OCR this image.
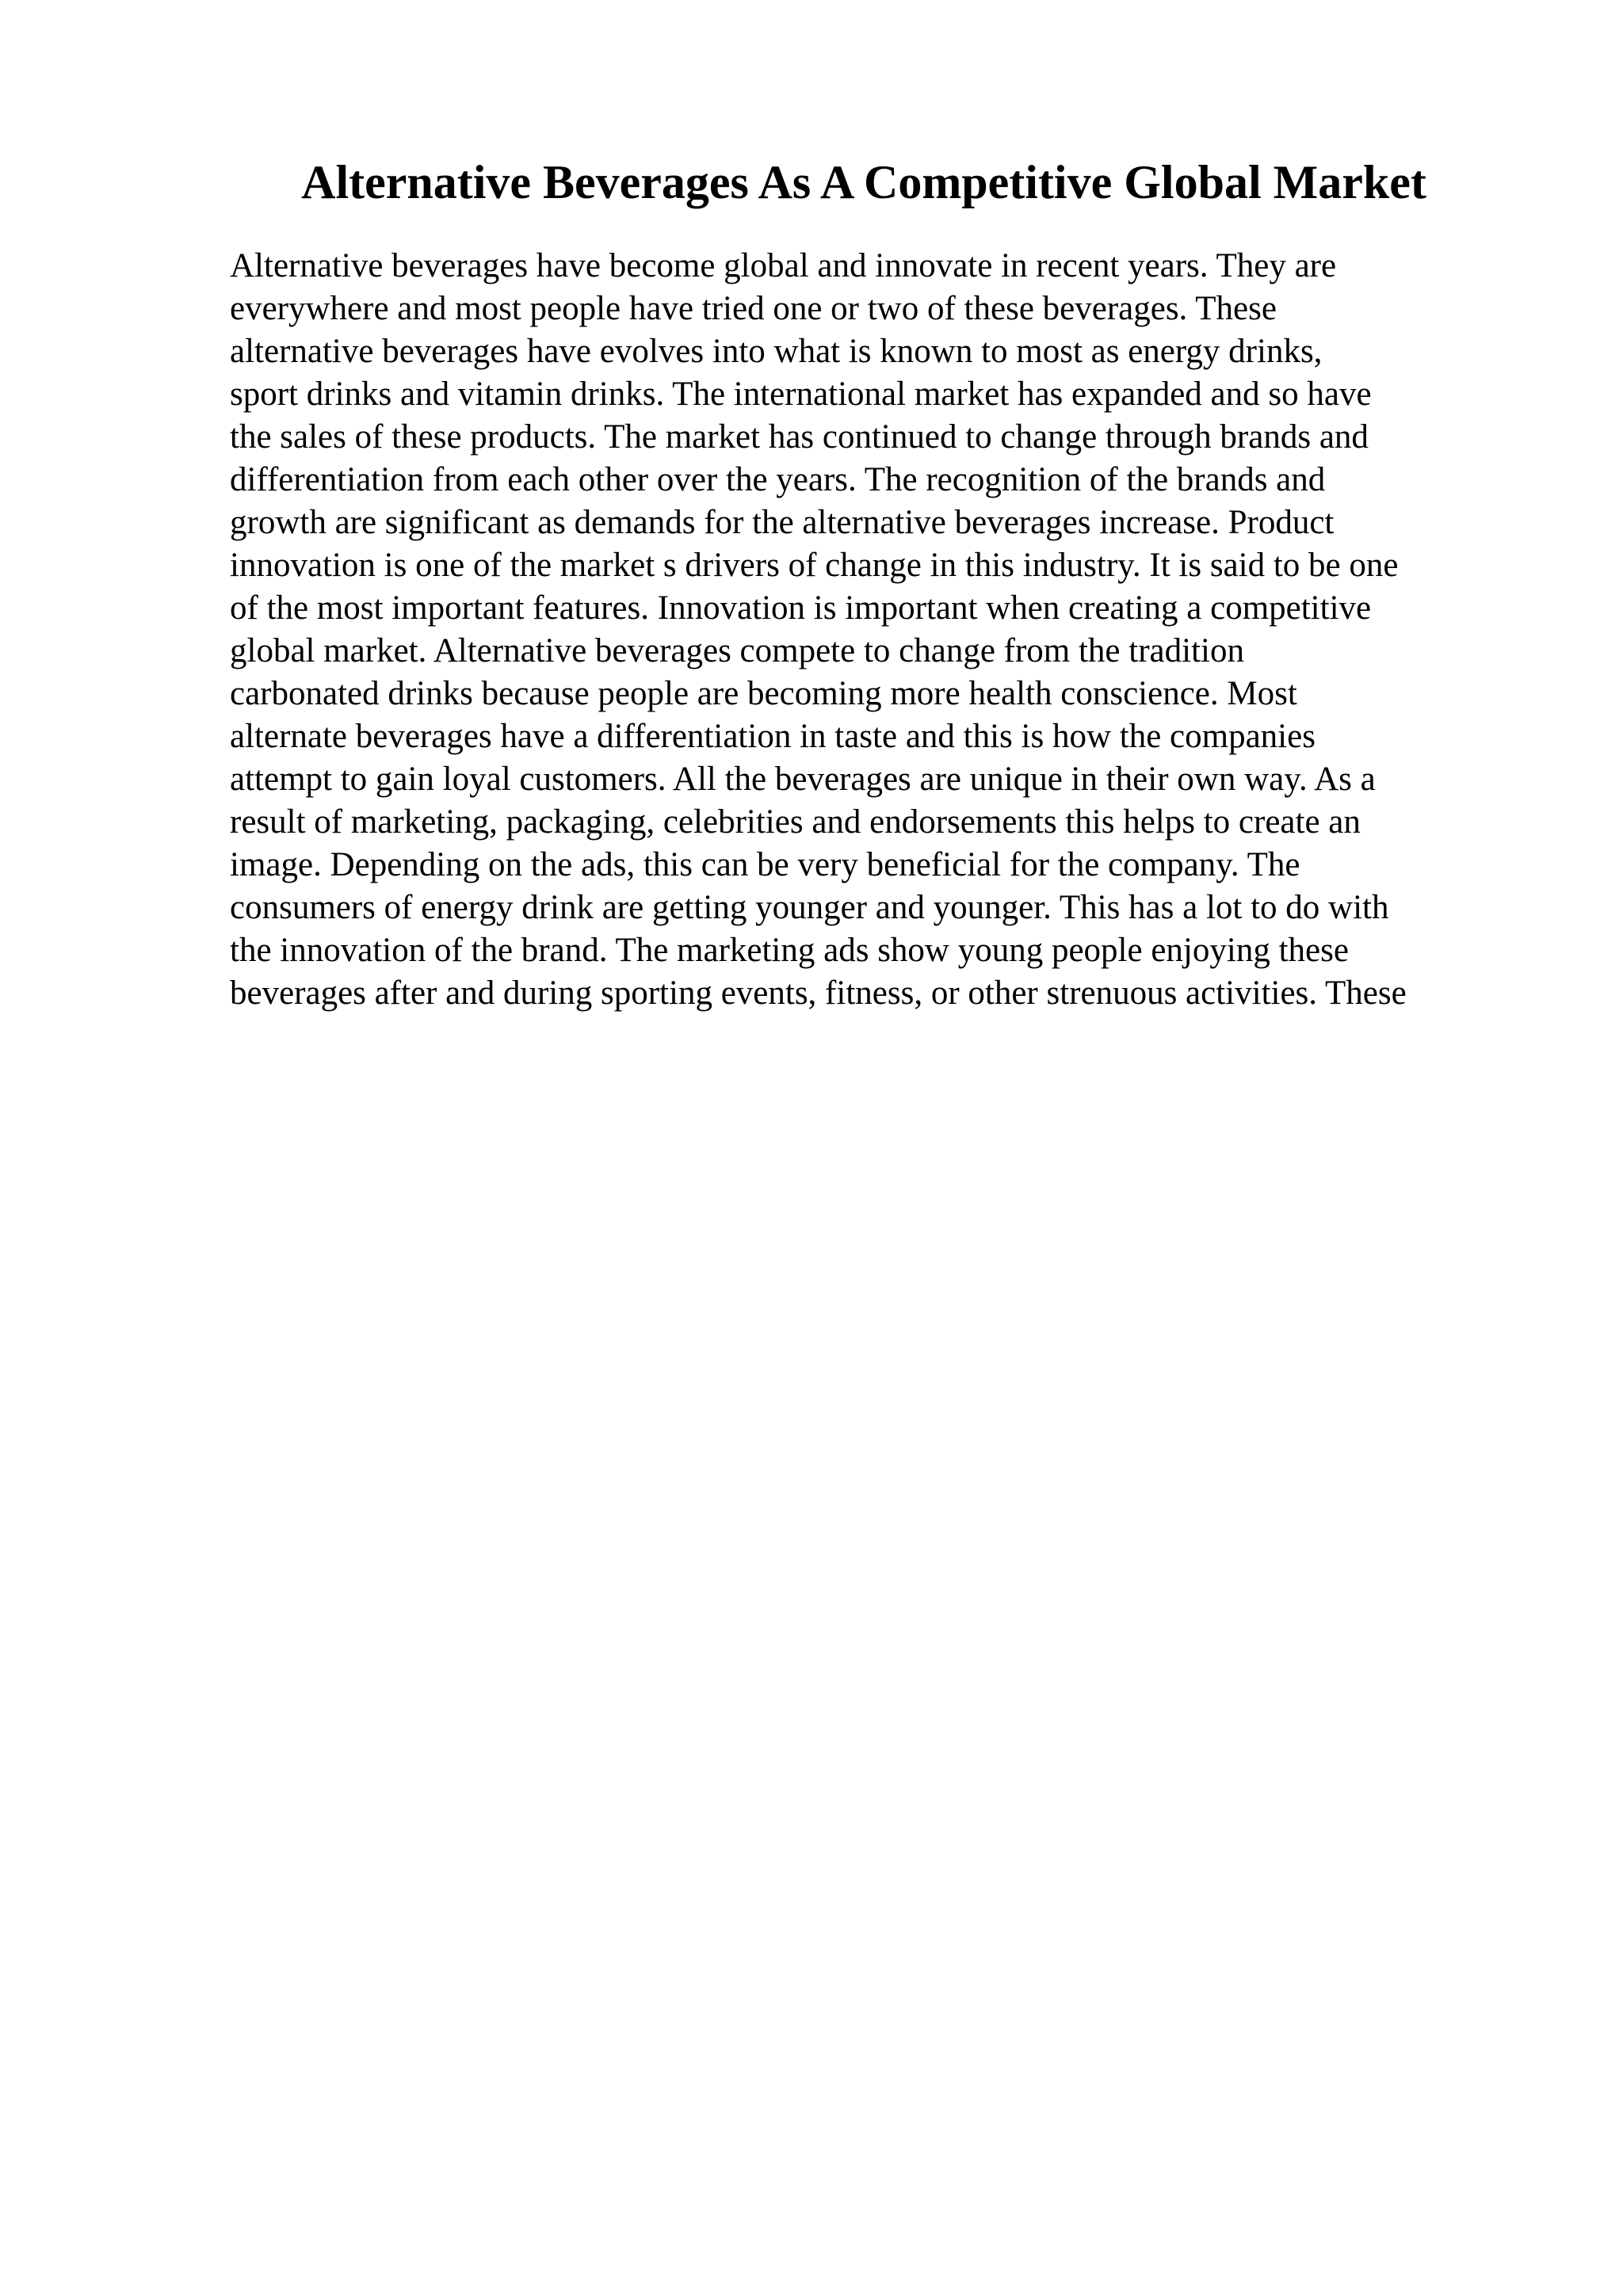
Alternative Beverages As A Competitive Global Market
Alternative beverages have become global and innovate in recent years. They are
everywhere and most people have tried one or two of these beverages. These
alternative beverages have evolves into what is known to most as energy drinks,
sport drinks and vitamin drinks. The international market has expanded and so have
the sales of these products. The market has continued to change through brands and
differentiation from each other over the years. The recognition of the brands and
growth are significant as demands for the alternative beverages increase. Product
innovation is one of the market s drivers of change in this industry. It is said to be one
of the most important features. Innovation is important when creating a competitive
global market. Alternative beverages compete to change from the tradition
carbonated drinks because people are becoming more health conscience. Most
alternate beverages have a differentiation in taste and this is how the companies
attempt to gain loyal customers. All the beverages are unique in their own way. As a
result of marketing, packaging, celebrities and endorsements this helps to create an
image. Depending on the ads, this can be very beneficial for the company. The
consumers of energy drink are getting younger and younger. This has a lot to do with
the innovation of the brand. The marketing ads show young people enjoying these
beverages after and during sporting events, fitness, or other strenuous activities. These
